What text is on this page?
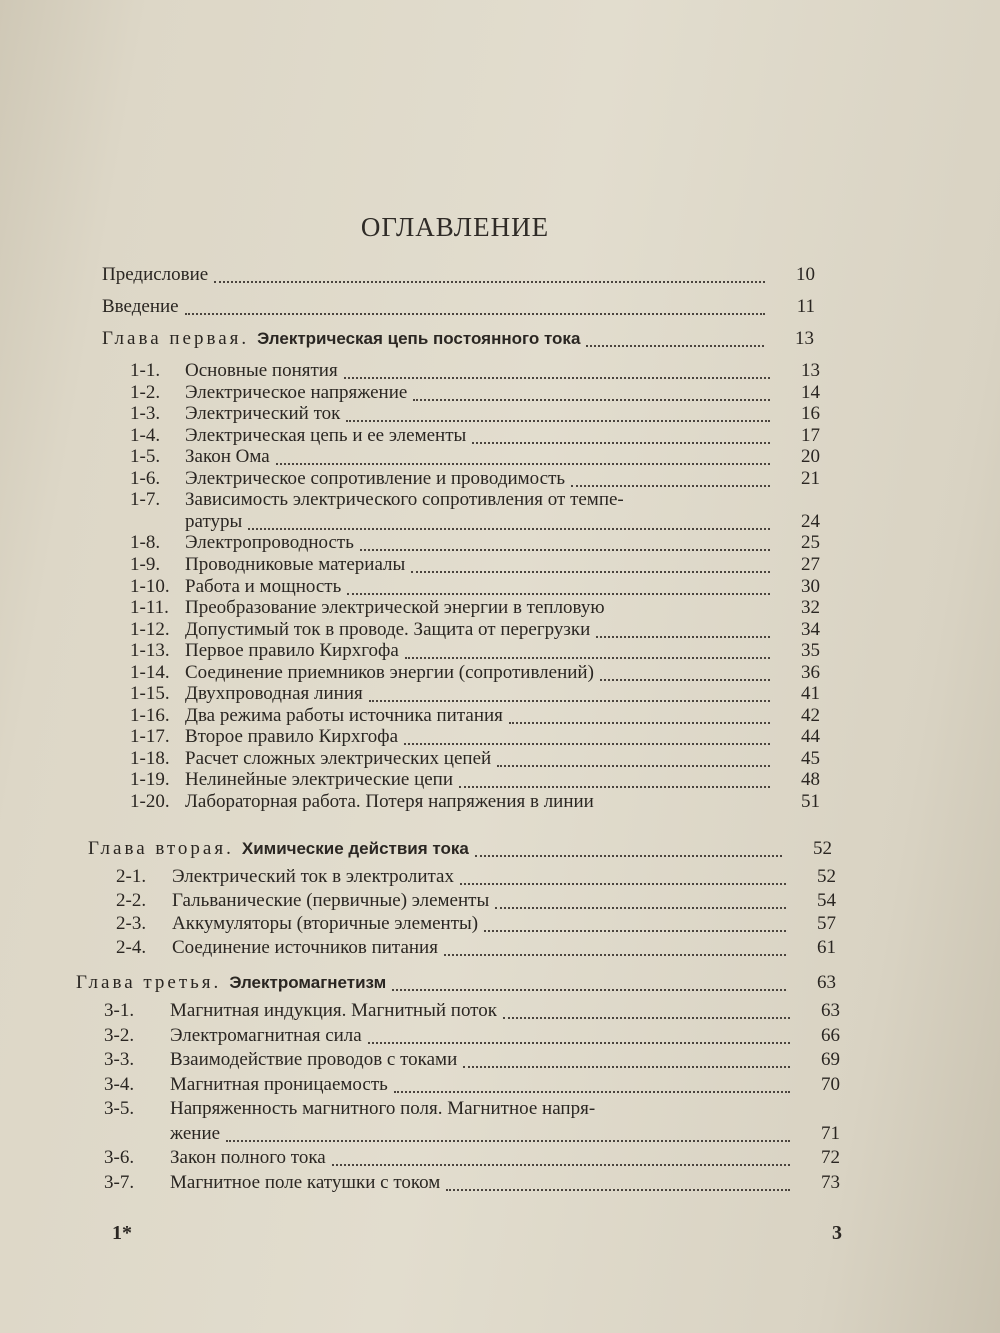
ОГЛАВЛЕНИЕ
Предисловие	10
Введение	11
Глава первая. Электрическая цепь постоянного тока	13
1-1.	Основные понятия	13
1-2.	Электрическое напряжение	14
1-3.	Электрический ток	16
1-4.	Электрическая цепь и ее элементы	17
1-5.	Закон Ома	20
1-6.	Электрическое сопротивление и проводимость	21
1-7.	Зависимость электрического сопротивления от темпе-
ратуры	24
1-8.	Электропроводность	25
1-9.	Проводниковые материалы	27
1-10. Работа и мощность	30
1-11. Преобразование электрической энергии в тепловую	32
1-12. Допустимый ток в проводе. Защита от перегрузки	34
1-13. Первое правило Кирхгофа	35
1-14. Соединение приемников энергии (сопротивлений)	36
1-15. Двухпроводная линия	41
1-16. Два режима работы источника питания	42
1-17. Второе правило Кирхгофа	44
1-18. Расчет сложных электрических цепей	45
1-19. Нелинейные электрические цепи	48
1-20. Лабораторная работа. Потеря напряжения в линии	51
Глава вторая. Химические действия тока	52
2-1.	Электрический ток в электролитах	52
2-2.	Гальванические (первичные) элементы	54
2-3.	Аккумуляторы (вторичные элементы)	57
2-4.	Соединение источников питания	61
Глава третья. Электромагнетизм	63
3-1.	Магнитная индукция. Магнитный поток	63
3-2.	Электромагнитная сила	66
3-3.	Взаимодействие проводов с токами	69
3-4.	Магнитная проницаемость	70
3-5.	Напряженность магнитного поля. Магнитное напря-
жение	71
3-6.	Закон полного тока	72
3-7.	Магнитное поле катушки с током	73
1*	3
